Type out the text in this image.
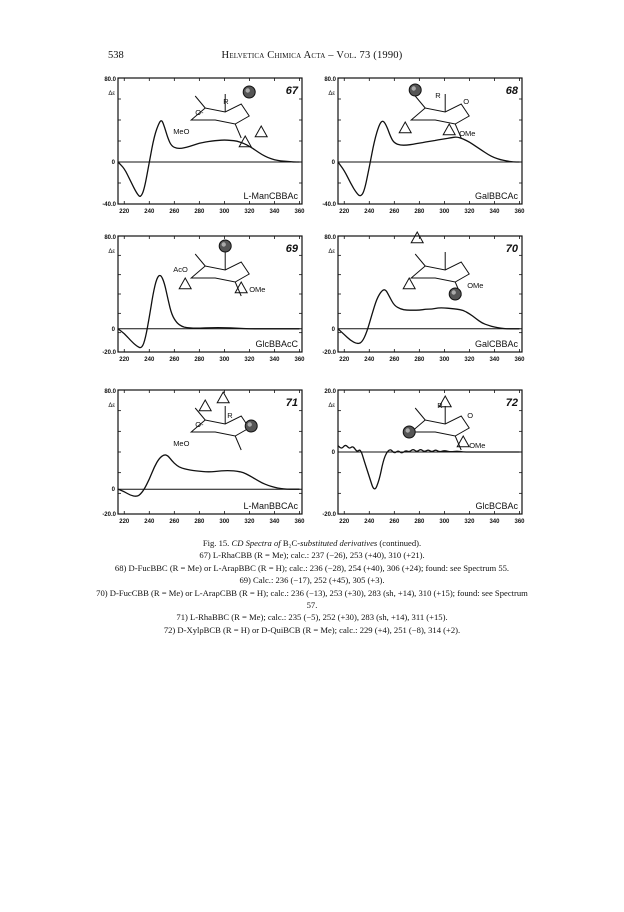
538	Helvetica Chimica Acta – Vol. 73 (1990)
220	240	260	280	300	320	340	360
80.0
Δε
0
-40.0
67
L-ManCBBAc
O-
R
MeO
220	240	260	280	300	320	340	360
80.0
Δε
0
-40.0
68
GalBBCAc
R
O
OMe
220	240	260	280	300	320	340	360
80.0
Δε
0
-20.0
69
GlcBBAcC
AcO
OMe
220	240	260	280	300	320	340	360
80.0
Δε
0
-20.0
70
GalCBBAc
OMe
220	240	260	280	300	320	340	360
80.0
Δε
0
-20.0
71
L-ManBBCAc
O-
R
MeO
220	240	260	280	300	320	340	360
20.0
Δε
0
-20.0
72
GlcBCBAc
R
O
OMe

Fig. 15. CD Spectra of B₂C-substituted derivatives (continued).

67) L-RhaCBB (R = Me); calc.: 237 (−26), 253 (+40), 310 (+21).

68) D-FucBBC (R = Me) or L-AraρBBC (R = H); calc.: 236 (−28), 254 (+40), 306 (+24); found: see Spectrum 55.

69) Calc.: 236 (−17), 252 (+45), 305 (+3).

70) D-FucCBB (R = Me) or L-AraρCBB (R = H); calc.: 236 (−13), 253 (+30), 283 (sh, +14), 310 (+15); found: see Spectrum 57.

71) L-RhaBBC (R = Me); calc.: 235 (−5), 252 (+30), 283 (sh, +14), 311 (+15).

72) D-XylρBCB (R = H) or D-QuiBCB (R = Me); calc.: 229 (+4), 251 (−8), 314 (+2).
